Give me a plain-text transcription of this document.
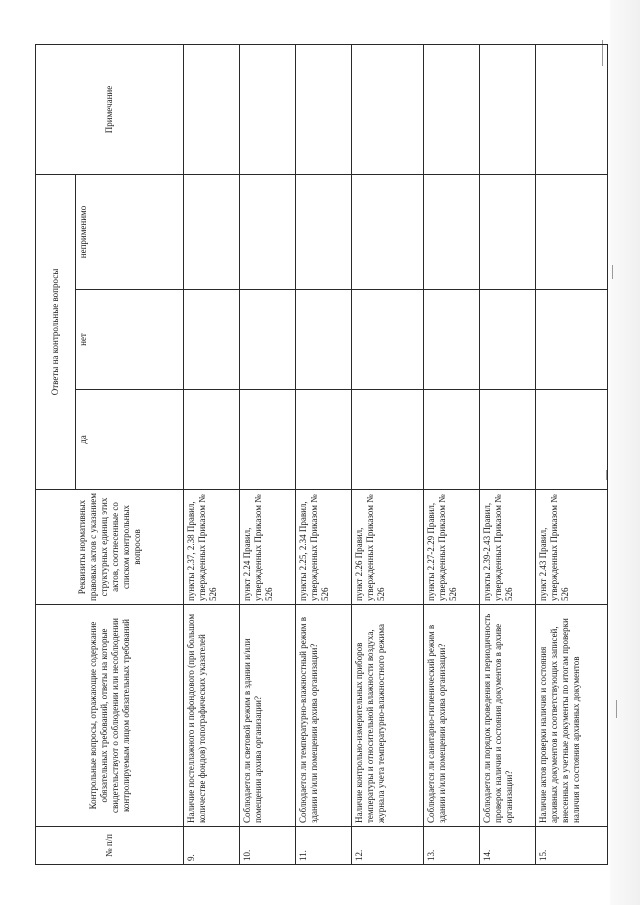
№ п/п	Контрольные вопросы, отражающие содержание обязательных требований, ответы на которые свидетельствуют о соблюдении или несоблюдении контролируемым лицом обязательных требований	Реквизиты нормативных правовых актов с указанием структурных единиц этих актов, соотнесенные со списком контрольных вопросов	Ответы на контрольные вопросы			Примечание
			да	нет	неприменимо	
9.	Наличие постеллажного и пофондового (при большом количестве фондов) топографических указателей	пункты 2.37, 2.38 Правил, утвержденных Приказом № 526				
10.	Соблюдается ли световой режим в здании и/или помещении архива организации?	пункт 2.24 Правил, утвержденных Приказом № 526				
11.	Соблюдается ли температурно-влажностный режим в здании и/или помещении архива организации?	пункты 2.25, 2.34 Правил, утвержденных Приказом № 526				
12.	Наличие контрольно-измерительных приборов температуры и относительной влажности воздуха, журнала учета температурно-влажностного режима	пункт 2.26 Правил, утвержденных Приказом № 526				
13.	Соблюдается ли санитарно-гигиенический режим в здании и/или помещении архива организации?	пункты 2.27-2.29 Правил, утвержденных Приказом № 526				
14.	Соблюдается ли порядок проведения и периодичность проверок наличия и состояния документов в архиве организации?	пункты 2.39-2.43 Правил, утвержденных Приказом № 526				
15.	Наличие актов проверки наличия и состояния архивных документов и соответствующих записей, внесенных в учетные документы по итогам проверки наличия и состояния архивных документов	пункт 2.43 Правил, утвержденных Приказом № 526				
